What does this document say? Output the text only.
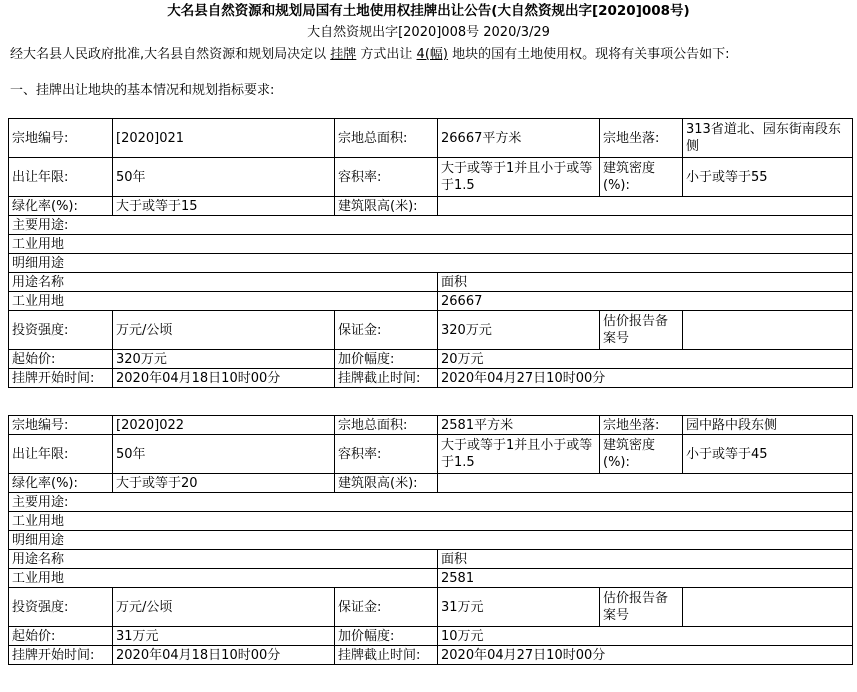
大名县自然资源和规划局国有土地使用权挂牌出让公告(大自然资规出字[2020]008号)
大自然资规出字[2020]008号 2020/3/29
经大名县人民政府批准,大名县自然资源和规划局决定以 挂牌 方式出让 4(幅) 地块的国有土地使用权。现将有关事项公告如下:
一、挂牌出让地块的基本情况和规划指标要求:
宗地编号:	[2020]021	宗地总面积:	26667平方米	宗地坐落:	313省道北、园东街南段东侧
出让年限:	50年	容积率:	大于或等于1并且小于或等于1.5	建筑密度(%):	小于或等于55
绿化率(%):	大于或等于15	建筑限高(米):			
主要用途:					
工业用地					
明细用途					
用途名称			面积		
工业用地			26667		
投资强度:	万元/公顷	保证金:	320万元	估价报告备案号	
起始价:	320万元	加价幅度:	20万元		
挂牌开始时间:	2020年04月18日10时00分	挂牌截止时间:	2020年04月27日10时00分		
宗地编号:	[2020]022	宗地总面积:	2581平方米	宗地坐落:	园中路中段东侧
出让年限:	50年	容积率:	大于或等于1并且小于或等于1.5	建筑密度(%):	小于或等于45
绿化率(%):	大于或等于20	建筑限高(米):			
主要用途:					
工业用地					
明细用途					
用途名称			面积		
工业用地			2581		
投资强度:	万元/公顷	保证金:	31万元	估价报告备案号	
起始价:	31万元	加价幅度:	10万元		
挂牌开始时间:	2020年04月18日10时00分	挂牌截止时间:	2020年04月27日10时00分		
